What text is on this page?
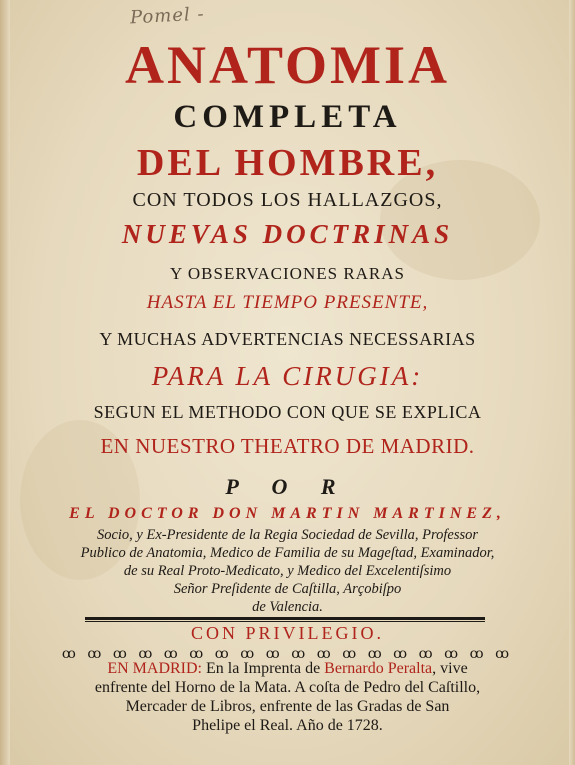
Pomel -
ANATOMIA
COMPLETA
DEL HOMBRE,
CON TODOS LOS HALLAZGOS,
NUEVAS DOCTRINAS
Y OBSERVACIONES RARAS
HASTA EL TIEMPO PRESENTE,
Y MUCHAS ADVERTENCIAS NECESSARIAS
PARA LA CIRUGIA:
SEGUN EL METHODO CON QUE SE EXPLICA
EN NUESTRO THEATRO DE MADRID.
P O R
EL DOCTOR DON MARTIN MARTINEZ,
Socio, y Ex-Presidente de la Regia Sociedad de Sevilla, Professor
Publico de Anatomia, Medico de Familia de su Mageſtad, Examinador,
de su Real Proto-Medicato, y Medico del Excelentiſsimo
Señor Preſidente de Caſtilla, Arçobiſpo
de Valencia.
CON PRIVILEGIO.
ꝏ ꝏ ꝏ ꝏ ꝏ ꝏ ꝏ ꝏ ꝏ ꝏ ꝏ ꝏ ꝏ ꝏ ꝏ ꝏ ꝏ ꝏ
EN MADRID: En la Imprenta de Bernardo Peralta, vive
enfrente del Horno de la Mata. A coſta de Pedro del Caſtillo,
Mercader de Libros, enfrente de las Gradas de San
Phelipe el Real. Año de 1728.
